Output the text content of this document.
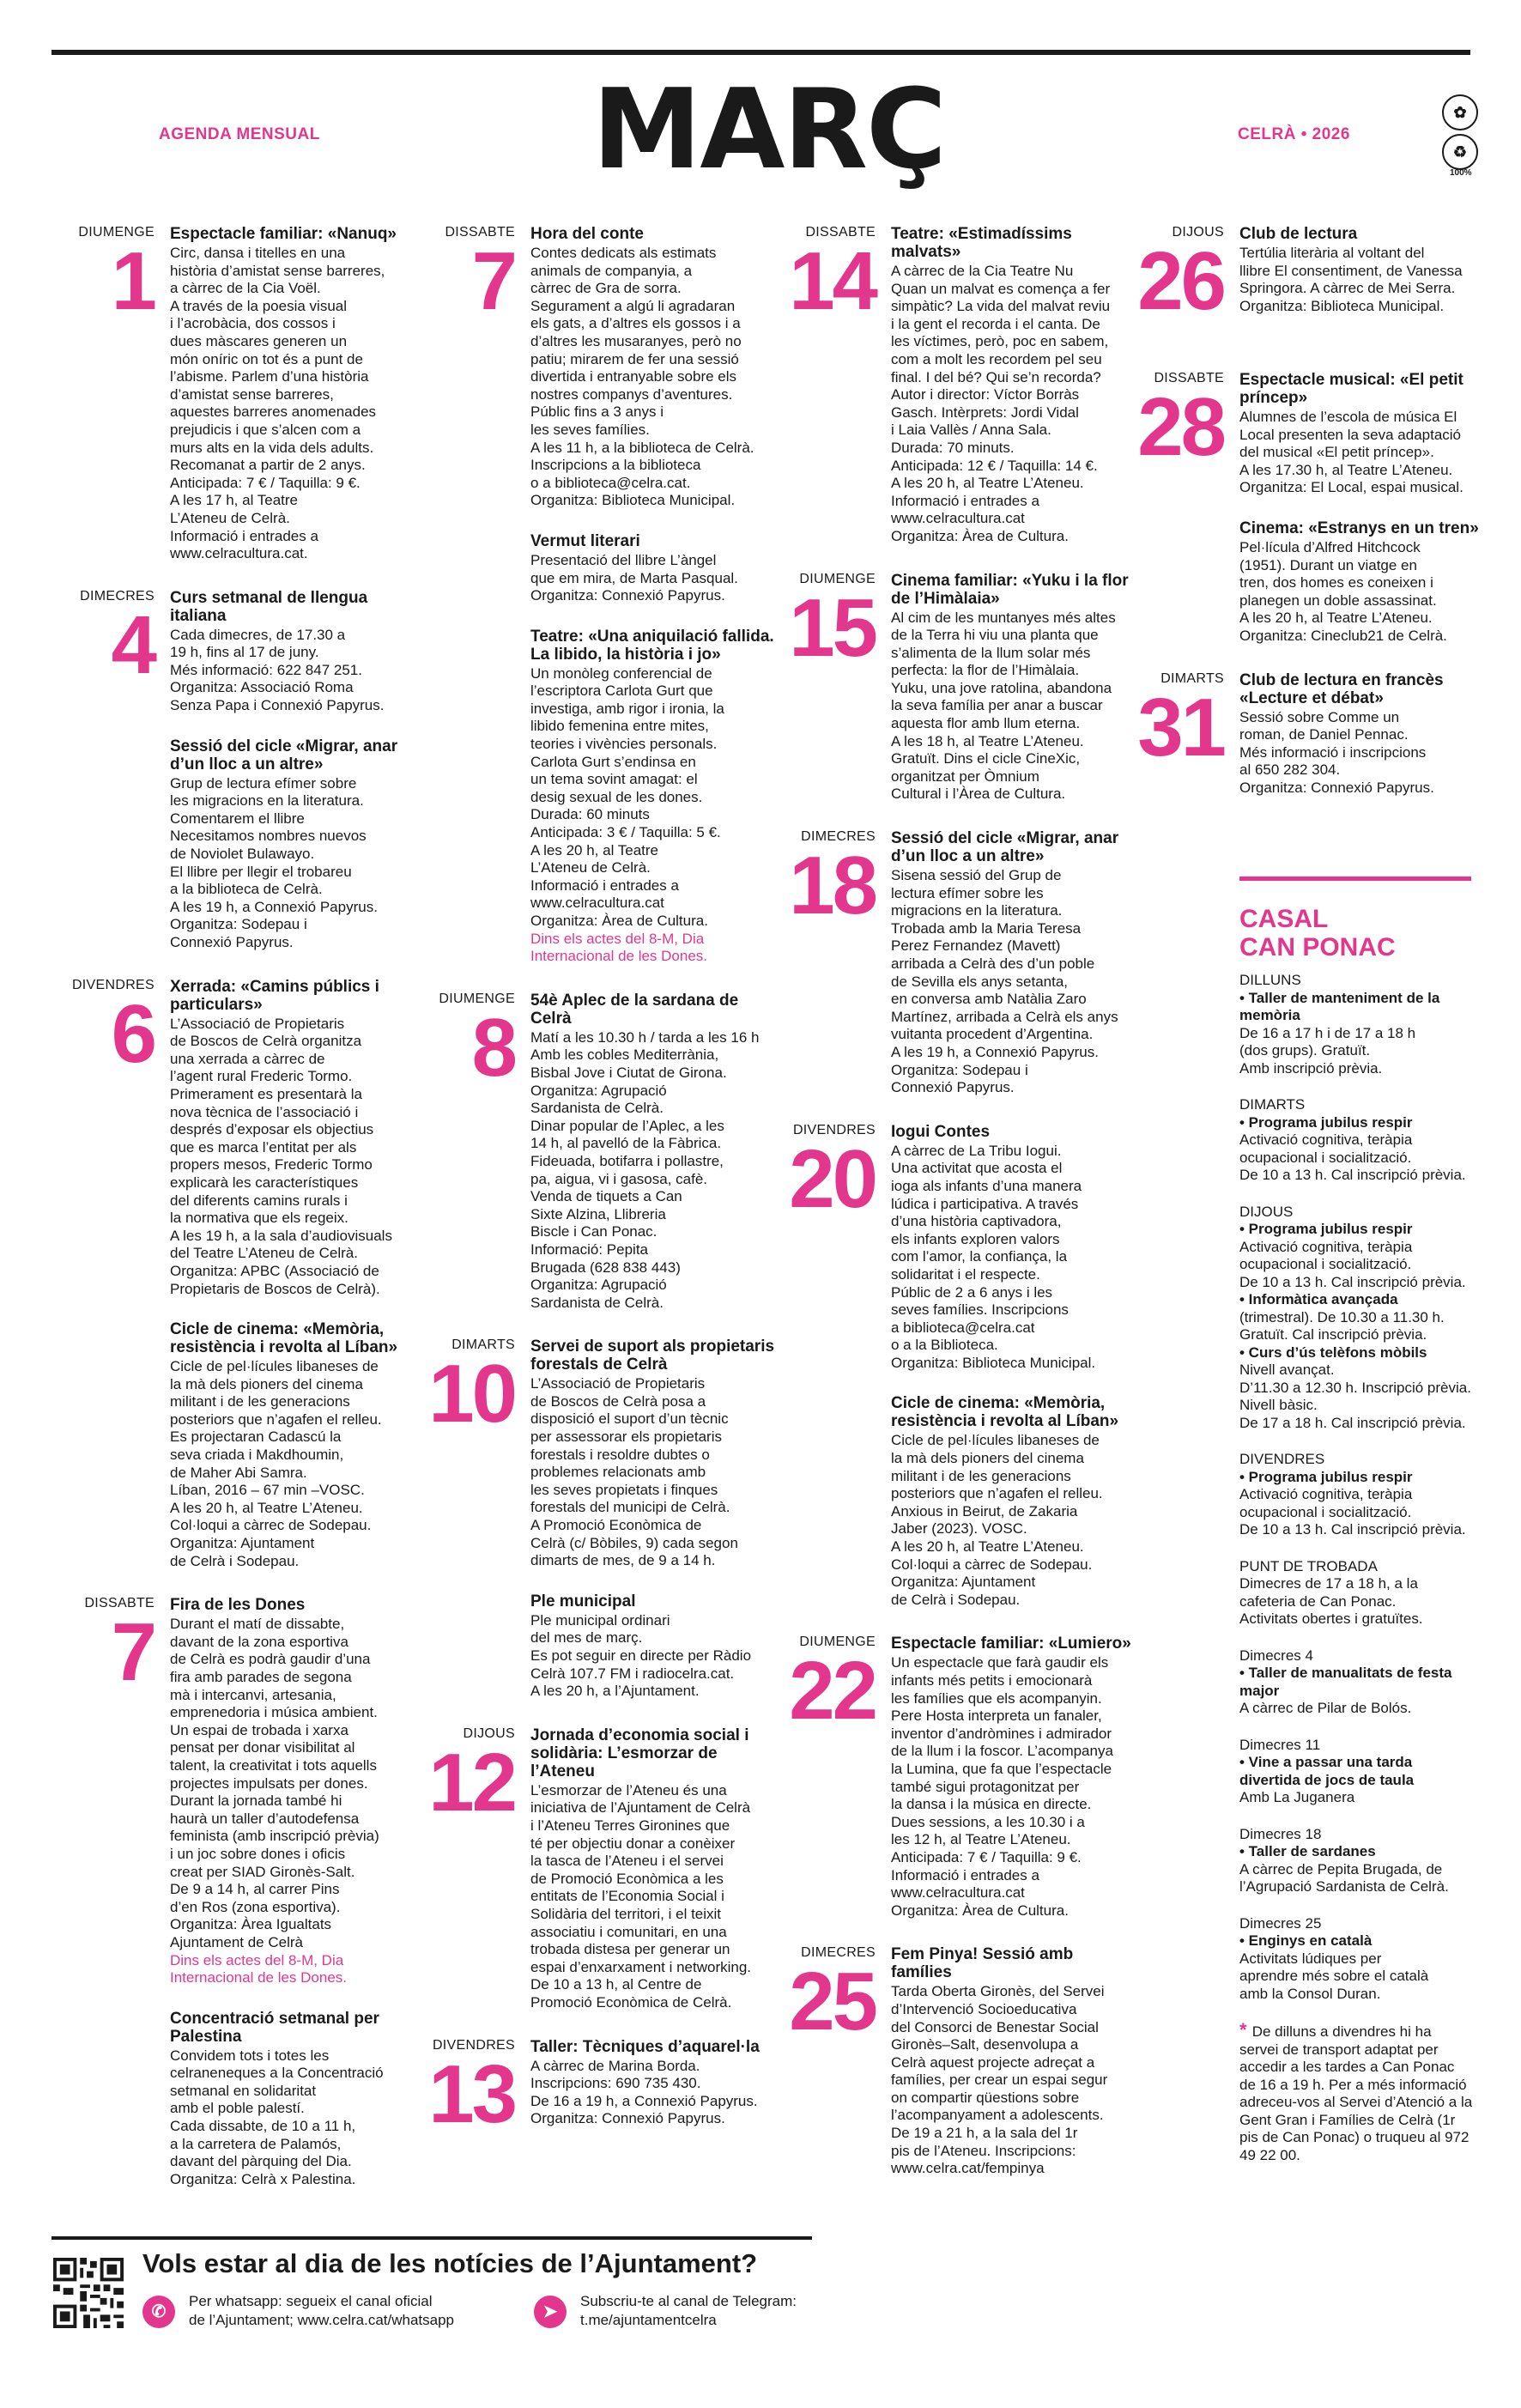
AGENDA MENSUAL MARÇ	CELRÀ • 2026
✿
♻
100%
DIUMENGE
1
Espectacle familiar: «Nanuq»

Circ, dansa i titelles en una

història d’amistat sense barreres,

a càrrec de la Cia Voël.

A través de la poesia visual

i l’acrobàcia, dos cossos i

dues màscares generen un

món oníric on tot és a punt de

l’abisme. Parlem d’una història

d’amistat sense barreres,

aquestes barreres anomenades

prejudicis i que s’alcen com a

murs alts en la vida dels adults.

Recomanat a partir de 2 anys.

Anticipada: 7 € / Taquilla: 9 €.

A les 17 h, al Teatre

L’Ateneu de Celrà.

Informació i entrades a

www.celracultura.cat.

DIMECRES
4
Curs setmanal de llengua italiana

Cada dimecres, de 17.30 a

19 h, fins al 17 de juny.

Més informació: 622 847 251.

Organitza: Associació Roma

Senza Papa i Connexió Papyrus.

Sessió del cicle «Migrar, anar d’un lloc a un altre»

Grup de lectura efímer sobre

les migracions en la literatura.

Comentarem el llibre

Necesitamos nombres nuevos

de Noviolet Bulawayo.

El llibre per llegir el trobareu

a la biblioteca de Celrà.

A les 19 h, a Connexió Papyrus.

Organitza: Sodepau i

Connexió Papyrus.

DIVENDRES
6
Xerrada: «Camins públics i particulars»

L’Associació de Propietaris

de Boscos de Celrà organitza

una xerrada a càrrec de

l’agent rural Frederic Tormo.

Primerament es presentarà la

nova tècnica de l’associació i

després d’exposar els objectius

que es marca l’entitat per als

propers mesos, Frederic Tormo

explicarà les característiques

del diferents camins rurals i

la normativa que els regeix.

A les 19 h, a la sala d’audiovisuals

del Teatre L’Ateneu de Celrà.

Organitza: APBC (Associació de

Propietaris de Boscos de Celrà).

Cicle de cinema: «Memòria, resistència i revolta al Líban»

Cicle de pel·lícules libaneses de

la mà dels pioners del cinema

militant i de les generacions

posteriors que n’agafen el relleu.

Es projectaran Cadascú la

seva criada i Makdhoumin,

de Maher Abi Samra.

Líban, 2016 – 67 min –VOSC.

A les 20 h, al Teatre L’Ateneu.

Col·loqui a càrrec de Sodepau.

Organitza: Ajuntament

de Celrà i Sodepau.

DISSABTE
7
Fira de les Dones

Durant el matí de dissabte,

davant de la zona esportiva

de Celrà es podrà gaudir d’una

fira amb parades de segona

mà i intercanvi, artesania,

emprenedoria i música ambient.

Un espai de trobada i xarxa

pensat per donar visibilitat al

talent, la creativitat i tots aquells

projectes impulsats per dones.

Durant la jornada també hi

haurà un taller d’autodefensa

feminista (amb inscripció prèvia)

i un joc sobre dones i oficis

creat per SIAD Gironès-Salt.

De 9 a 14 h, al carrer Pins

d’en Ros (zona esportiva).

Organitza: Àrea Igualtats

Ajuntament de Celrà

Dins els actes del 8-M, Dia

Internacional de les Dones.

Concentració setmanal per Palestina

Convidem tots i totes les

celraneneques a la Concentració

setmanal en solidaritat

amb el poble palestí.

Cada dissabte, de 10 a 11 h,

a la carretera de Palamós,

davant del pàrquing del Dia.

Organitza: Celrà x Palestina.

DISSABTE
7
Hora del conte

Contes dedicats als estimats

animals de companyia, a

càrrec de Gra de sorra.

Segurament a algú li agradaran

els gats, a d’altres els gossos i a

d’altres les musaranyes, però no

patiu; mirarem de fer una sessió

divertida i entranyable sobre els

nostres companys d’aventures.

Públic fins a 3 anys i

les seves famílies.

A les 11 h, a la biblioteca de Celrà.

Inscripcions a la biblioteca

o a biblioteca@celra.cat.

Organitza: Biblioteca Municipal.

Vermut literari

Presentació del llibre L’àngel

que em mira, de Marta Pasqual.

Organitza: Connexió Papyrus.

Teatre: «Una aniquilació fallida. La libido, la història i jo»

Un monòleg conferencial de

l’escriptora Carlota Gurt que

investiga, amb rigor i ironia, la

libido femenina entre mites,

teories i vivències personals.

Carlota Gurt s’endinsa en

un tema sovint amagat: el

desig sexual de les dones.

Durada: 60 minuts

Anticipada: 3 € / Taquilla: 5 €.

A les 20 h, al Teatre

L’Ateneu de Celrà.

Informació i entrades a

www.celracultura.cat

Organitza: Àrea de Cultura.

Dins els actes del 8-M, Dia

Internacional de les Dones.

DIUMENGE
8
54è Aplec de la sardana de Celrà

Matí a les 10.30 h / tarda a les 16 h

Amb les cobles Mediterrània,

Bisbal Jove i Ciutat de Girona.

Organitza: Agrupació

Sardanista de Celrà.

Dinar popular de l’Aplec, a les

14 h, al pavelló de la Fàbrica.

Fideuada, botifarra i pollastre,

pa, aigua, vi i gasosa, cafè.

Venda de tiquets a Can

Sixte Alzina, Llibreria

Biscle i Can Ponac.

Informació: Pepita

Brugada (628 838 443)

Organitza: Agrupació

Sardanista de Celrà.

DIMARTS
10
Servei de suport als propietaris forestals de Celrà

L’Associació de Propietaris

de Boscos de Celrà posa a

disposició el suport d’un tècnic

per assessorar els propietaris

forestals i resoldre dubtes o

problemes relacionats amb

les seves propietats i finques

forestals del municipi de Celrà.

A Promoció Econòmica de

Celrà (c/ Bòbiles, 9) cada segon

dimarts de mes, de 9 a 14 h.

Ple municipal

Ple municipal ordinari

del mes de març.

Es pot seguir en directe per Ràdio

Celrà 107.7 FM i radiocelra.cat.

A les 20 h, a l’Ajuntament.

DIJOUS
12
Jornada d’economia social i solidària: L’esmorzar de l’Ateneu

L’esmorzar de l’Ateneu és una

iniciativa de l’Ajuntament de Celrà

i l’Ateneu Terres Gironines que

té per objectiu donar a conèixer

la tasca de l’Ateneu i el servei

de Promoció Econòmica a les

entitats de l’Economia Social i

Solidària del territori, i el teixit

associatiu i comunitari, en una

trobada distesa per generar un

espai d’enxarxament i networking.

De 10 a 13 h, al Centre de

Promoció Econòmica de Celrà.

DIVENDRES
13
Taller: Tècniques d’aquarel·la

A càrrec de Marina Borda.

Inscripcions: 690 735 430.

De 16 a 19 h, a Connexió Papyrus.

Organitza: Connexió Papyrus.

DISSABTE
14
Teatre: «Estimadíssims malvats»

A càrrec de la Cia Teatre Nu

Quan un malvat es comença a fer

simpàtic? La vida del malvat reviu

i la gent el recorda i el canta. De

les víctimes, però, poc en sabem,

com a molt les recordem pel seu

final. I del bé? Qui se’n recorda?

Autor i director: Víctor Borràs

Gasch. Intèrprets: Jordi Vidal

i Laia Vallès / Anna Sala.

Durada: 70 minuts.

Anticipada: 12 € / Taquilla: 14 €.

A les 20 h, al Teatre L’Ateneu.

Informació i entrades a

www.celracultura.cat

Organitza: Àrea de Cultura.

DIUMENGE
15
Cinema familiar: «Yuku i la flor de l’Himàlaia»

Al cim de les muntanyes més altes

de la Terra hi viu una planta que

s’alimenta de la llum solar més

perfecta: la flor de l’Himàlaia.

Yuku, una jove ratolina, abandona

la seva família per anar a buscar

aquesta flor amb llum eterna.

A les 18 h, al Teatre L’Ateneu.

Gratuït. Dins el cicle CineXic,

organitzat per Òmnium

Cultural i l’Àrea de Cultura.

DIMECRES
18
Sessió del cicle «Migrar, anar d’un lloc a un altre»

Sisena sessió del Grup de

lectura efímer sobre les

migracions en la literatura.

Trobada amb la Maria Teresa

Perez Fernandez (Mavett)

arribada a Celrà des d’un poble

de Sevilla els anys setanta,

en conversa amb Natàlia Zaro

Martínez, arribada a Celrà els anys

vuitanta procedent d’Argentina.

A les 19 h, a Connexió Papyrus.

Organitza: Sodepau i

Connexió Papyrus.

DIVENDRES
20
Iogui Contes

A càrrec de La Tribu Iogui.

Una activitat que acosta el

ioga als infants d’una manera

lúdica i participativa. A través

d’una història captivadora,

els infants exploren valors

com l’amor, la confiança, la

solidaritat i el respecte.

Públic de 2 a 6 anys i les

seves famílies. Inscripcions

a biblioteca@celra.cat

o a la Biblioteca.

Organitza: Biblioteca Municipal.

Cicle de cinema: «Memòria, resistència i revolta al Líban»

Cicle de pel·lícules libaneses de

la mà dels pioners del cinema

militant i de les generacions

posteriors que n’agafen el relleu.

Anxious in Beirut, de Zakaria

Jaber (2023). VOSC.

A les 20 h, al Teatre L’Ateneu.

Col·loqui a càrrec de Sodepau.

Organitza: Ajuntament

de Celrà i Sodepau.

DIUMENGE
22
Espectacle familiar: «Lumiero»

Un espectacle que farà gaudir els

infants més petits i emocionarà

les famílies que els acompanyin.

Pere Hosta interpreta un fanaler,

inventor d’andròmines i admirador

de la llum i la foscor. L’acompanya

la Lumina, que fa que l’espectacle

també sigui protagonitzat per

la dansa i la música en directe.

Dues sessions, a les 10.30 i a

les 12 h, al Teatre L’Ateneu.

Anticipada: 7 € / Taquilla: 9 €.

Informació i entrades a

www.celracultura.cat

Organitza: Àrea de Cultura.

DIMECRES
25
Fem Pinya! Sessió amb famílies

Tarda Oberta Gironès, del Servei

d’Intervenció Socioeducativa

del Consorci de Benestar Social

Gironès–Salt, desenvolupa a

Celrà aquest projecte adreçat a

famílies, per crear un espai segur

on compartir qüestions sobre

l’acompanyament a adolescents.

De 19 a 21 h, a la sala del 1r

pis de l’Ateneu. Inscripcions:

www.celra.cat/fempinya

DIJOUS
26
Club de lectura

Tertúlia literària al voltant del

llibre El consentiment, de Vanessa

Springora. A càrrec de Mei Serra.

Organitza: Biblioteca Municipal.

DISSABTE
28
Espectacle musical: «El petit príncep»

Alumnes de l’escola de música El

Local presenten la seva adaptació

del musical «El petit príncep».

A les 17.30 h, al Teatre L’Ateneu.

Organitza: El Local, espai musical.

Cinema: «Estranys en un tren»

Pel·lícula d’Alfred Hitchcock

(1951). Durant un viatge en

tren, dos homes es coneixen i

planegen un doble assassinat.

A les 20 h, al Teatre L’Ateneu.

Organitza: Cineclub21 de Celrà.

DIMARTS
31
Club de lectura en francès «Lecture et débat»

Sessió sobre Comme un

roman, de Daniel Pennac.

Més informació i inscripcions

al 650 282 304.

Organitza: Connexió Papyrus.

CASAL
CAN PONAC
DILLUNS
• Taller de manteniment de la memòria

De 16 a 17 h i de 17 a 18 h

(dos grups). Gratuït.

Amb inscripció prèvia.

DIMARTS
• Programa jubilus respir

Activació cognitiva, teràpia

ocupacional i socialització.

De 10 a 13 h. Cal inscripció prèvia.

DIJOUS
• Programa jubilus respir

Activació cognitiva, teràpia

ocupacional i socialització.

De 10 a 13 h. Cal inscripció prèvia.

• Informàtica avançada

(trimestral). De 10.30 a 11.30 h.

Gratuït. Cal inscripció prèvia.

• Curs d’ús telèfons mòbils

Nivell avançat.

D’11.30 a 12.30 h. Inscripció prèvia.

Nivell bàsic.

De 17 a 18 h. Cal inscripció prèvia.

DIVENDRES
• Programa jubilus respir

Activació cognitiva, teràpia

ocupacional i socialització.

De 10 a 13 h. Cal inscripció prèvia.

PUNT DE TROBADA

Dimecres de 17 a 18 h, a la

cafeteria de Can Ponac.

Activitats obertes i gratuïtes.

Dimecres 4
• Taller de manualitats de festa major

A càrrec de Pilar de Bolós.

Dimecres 11
• Vine a passar una tarda divertida de jocs de taula

Amb La Juganera

Dimecres 18
• Taller de sardanes

A càrrec de Pepita Brugada, de

l’Agrupació Sardanista de Celrà.

Dimecres 25
• Enginys en català

Activitats lúdiques per

aprendre més sobre el català

amb la Consol Duran.

* De dilluns a divendres hi ha servei de transport adaptat per accedir a les tardes a Can Ponac de 16 a 19 h. Per a més informació adreceu-vos al Servei d’Atenció a la Gent Gran i Famílies de Celrà (1r pis de Can Ponac) o truqueu al 972 49 22 00.
Vols estar al dia de les notícies de l’Ajuntament?
✆
Per whatsapp: segueix el canal oficial
de l’Ajuntament; www.celra.cat/whatsapp	➤
Subscriu-te al canal de Telegram:
t.me/ajuntamentcelra
